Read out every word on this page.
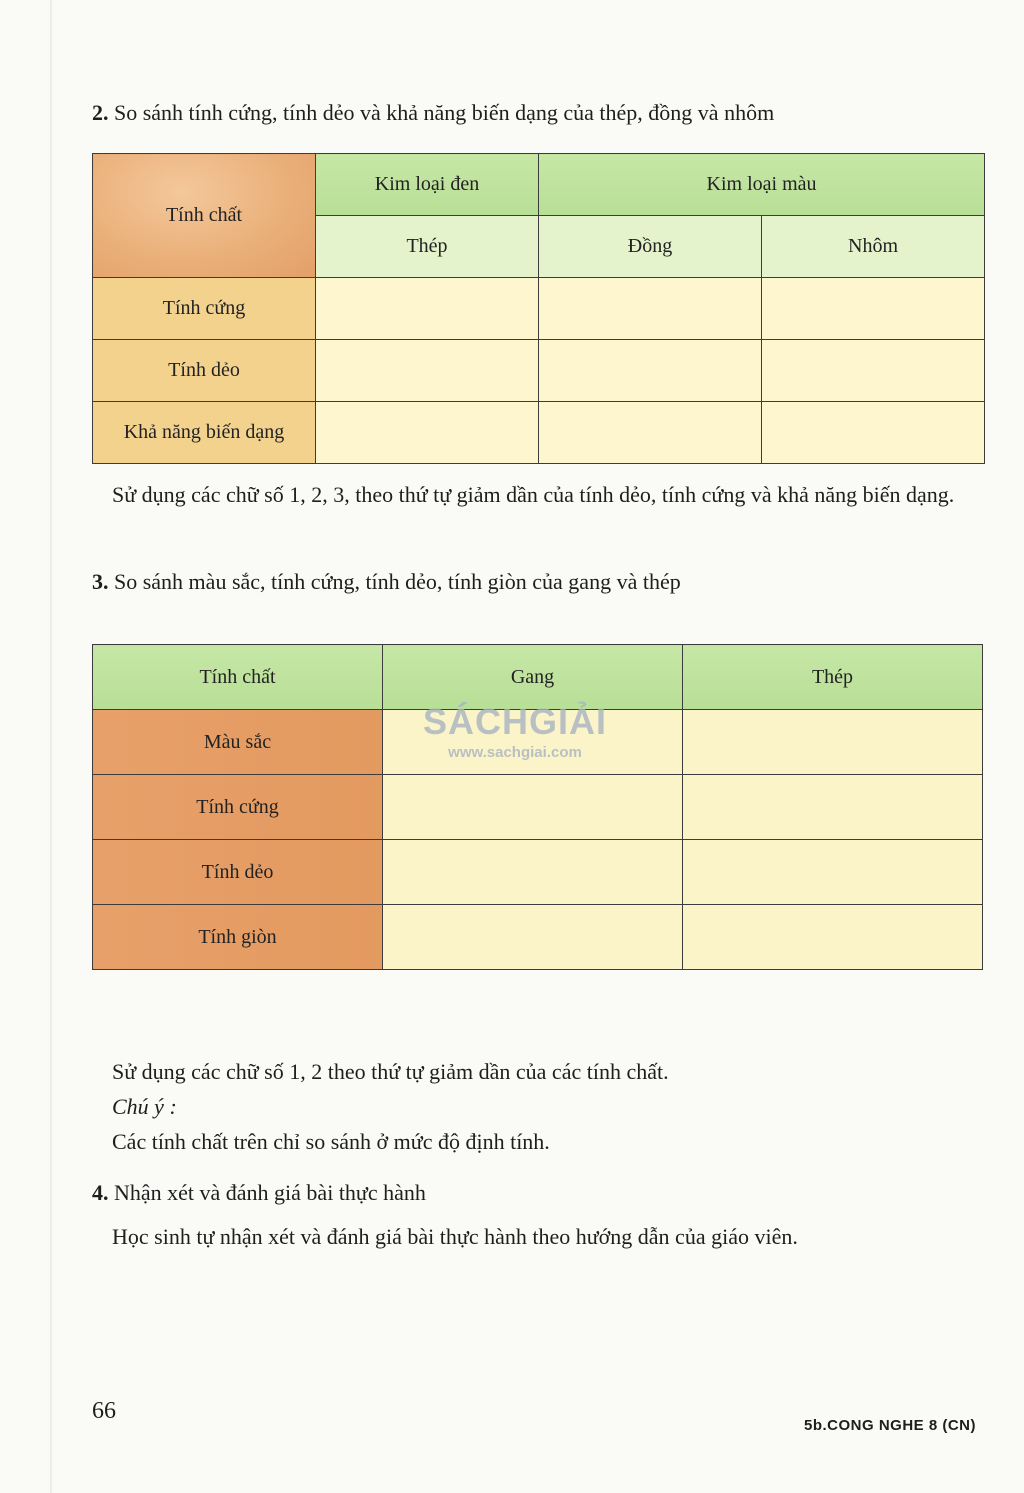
2. So sánh tính cứng, tính dẻo và khả năng biến dạng của thép, đồng và nhôm

Tính chất	Kim loại đen	Kim loại màu	
	Thép	Đồng	Nhôm
Tính cứng			
Tính dẻo			
Khả năng biến dạng			

Sử dụng các chữ số 1, 2, 3, theo thứ tự giảm dần của tính dẻo, tính cứng và khả năng biến dạng.

3. So sánh màu sắc, tính cứng, tính dẻo, tính giòn của gang và thép

Tính chất	Gang	Thép
Màu sắc		
Tính cứng		
Tính dẻo		
Tính giòn		
SÁCHGIẢI
www.sachgiai.com

Sử dụng các chữ số 1, 2 theo thứ tự giảm dần của các tính chất.

Chú ý :

Các tính chất trên chỉ so sánh ở mức độ định tính.

4. Nhận xét và đánh giá bài thực hành

Học sinh tự nhận xét và đánh giá bài thực hành theo hướng dẫn của giáo viên.

66

5b.CONG NGHE 8 (CN)
